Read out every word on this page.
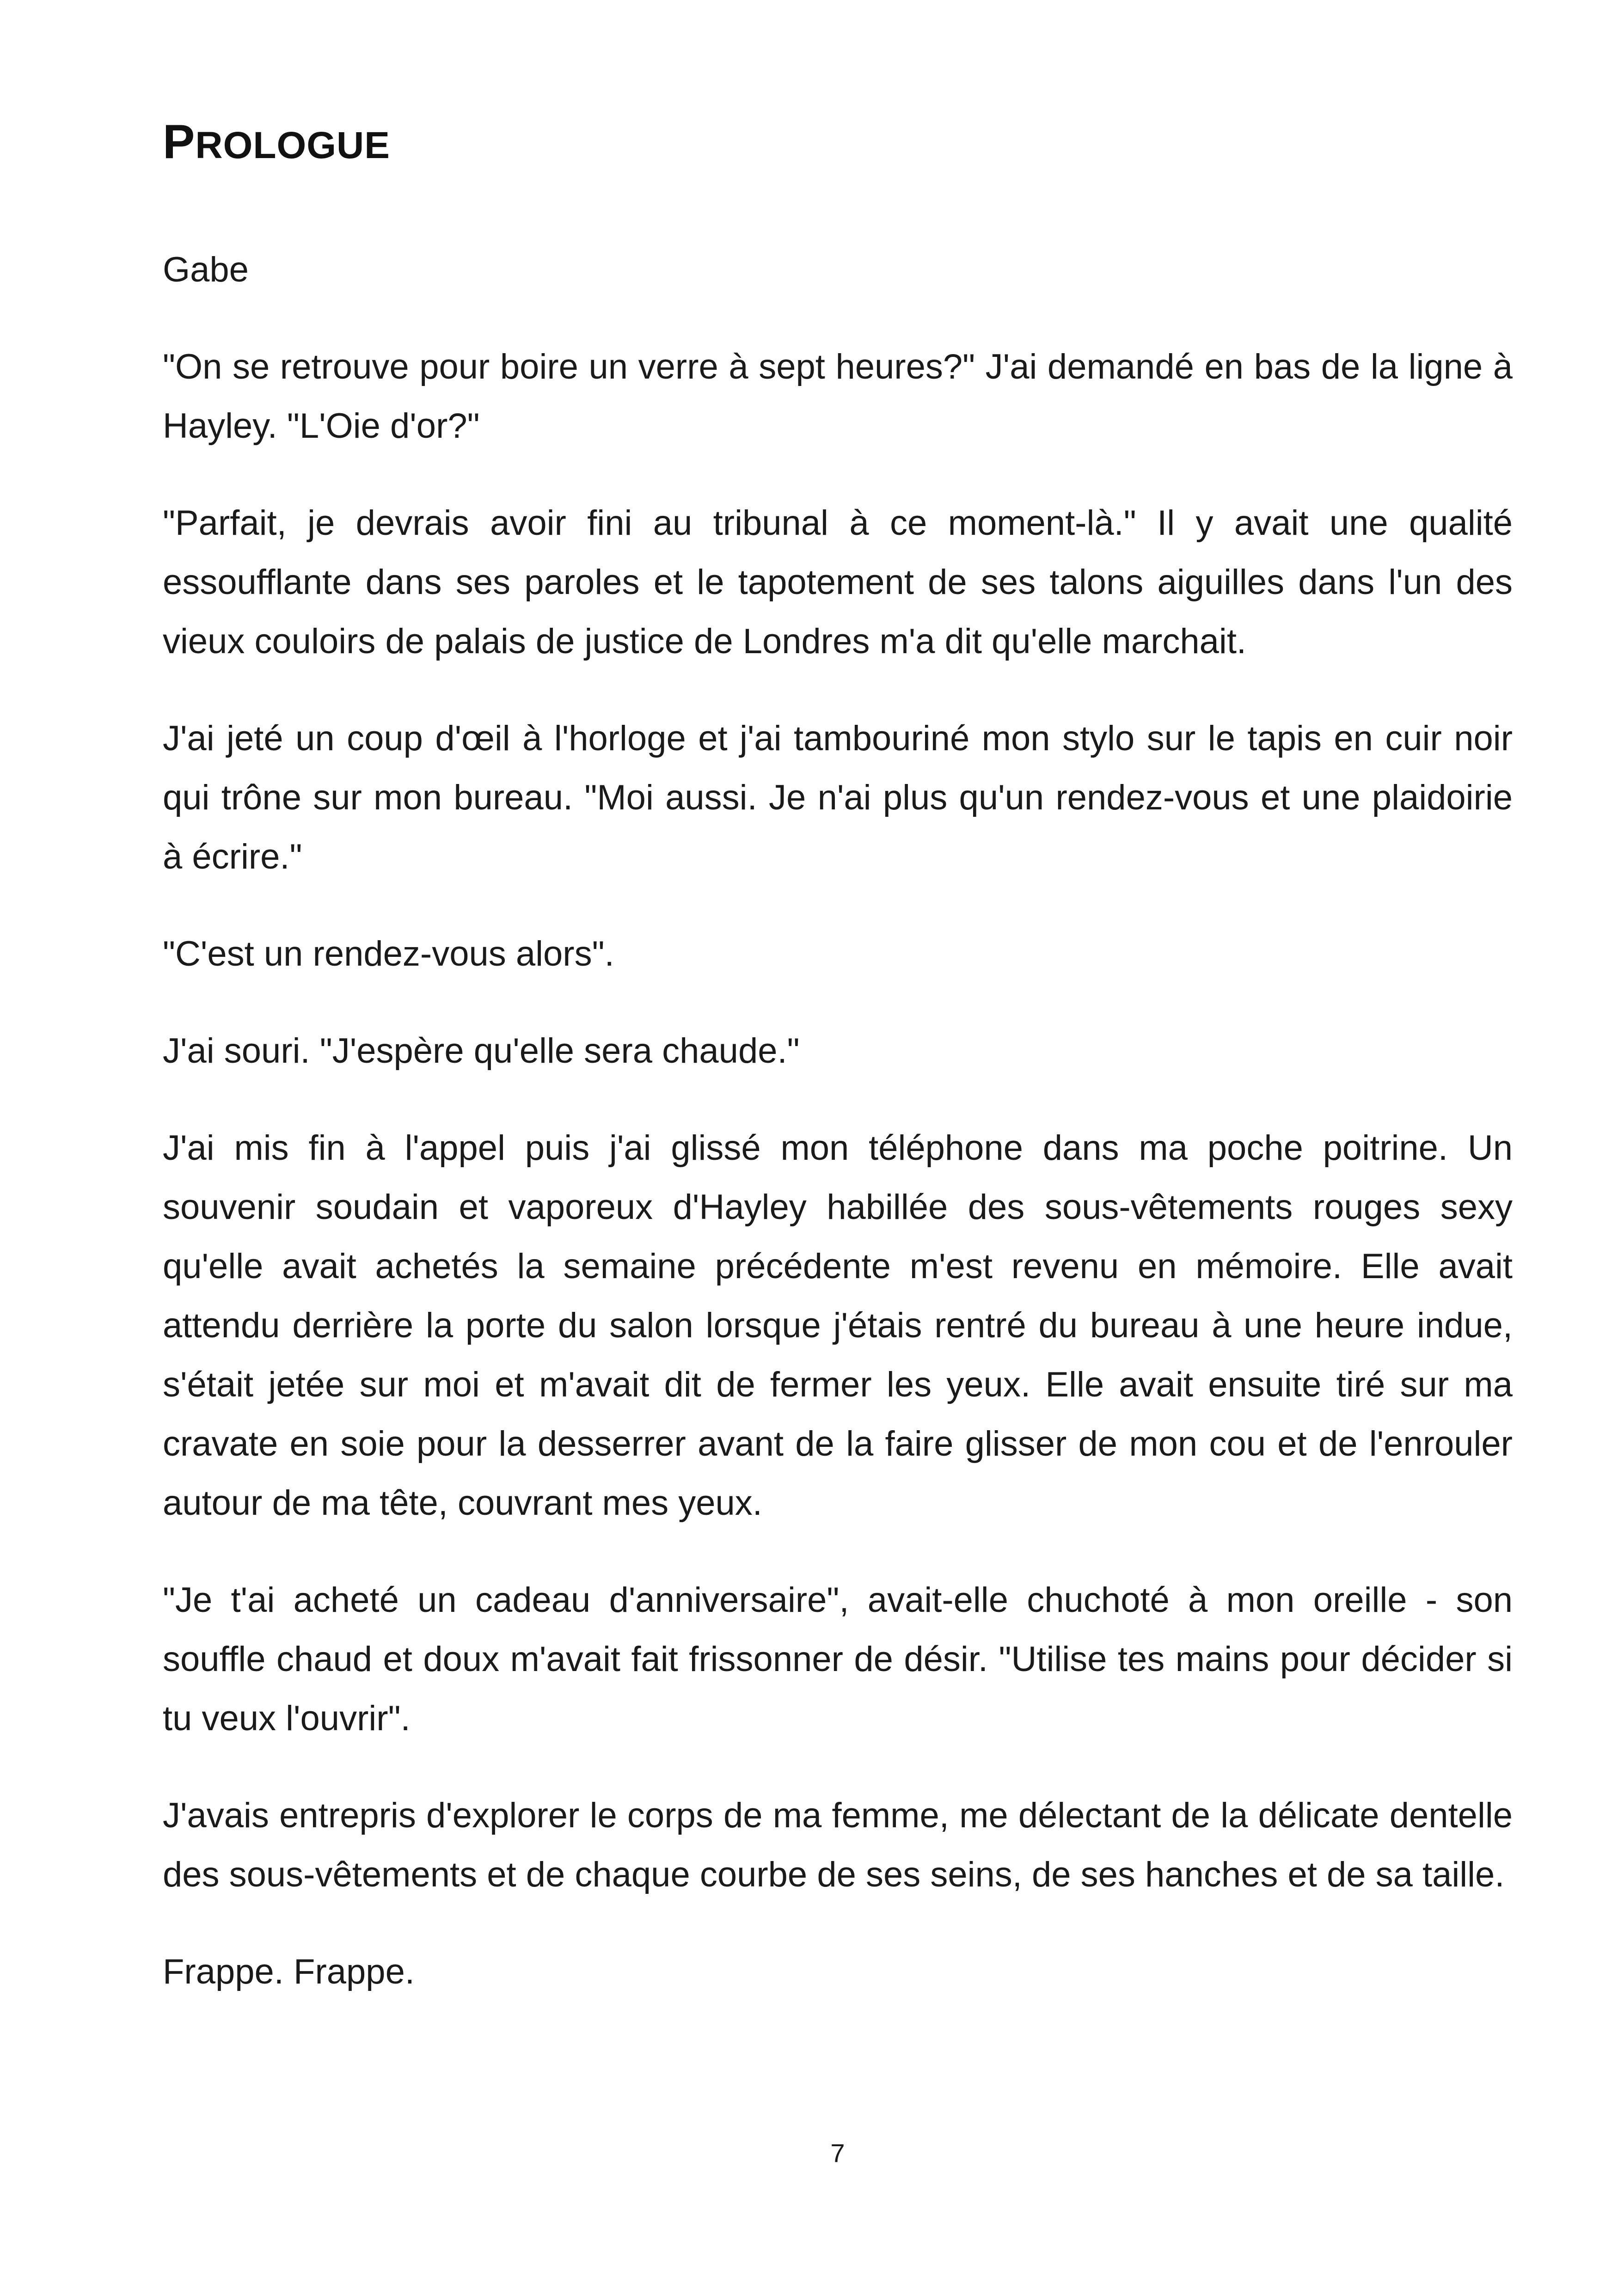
PROLOGUE

Gabe

"On se retrouve pour boire un verre à sept heures?" J'ai demandé en bas de la ligne à Hayley. "L'Oie d'or?"

"Parfait, je devrais avoir fini au tribunal à ce moment-là." Il y avait une qualité essoufflante dans ses paroles et le tapotement de ses talons aiguilles dans l'un des vieux couloirs de palais de justice de Londres m'a dit qu'elle marchait.

J'ai jeté un coup d'œil à l'horloge et j'ai tambouriné mon stylo sur le tapis en cuir noir qui trône sur mon bureau. "Moi aussi. Je n'ai plus qu'un rendez-vous et une plaidoirie à écrire."

"C'est un rendez-vous alors".

J'ai souri. "J'espère qu'elle sera chaude."

J'ai mis fin à l'appel puis j'ai glissé mon téléphone dans ma poche poitrine. Un souvenir soudain et vaporeux d'Hayley habillée des sous-vêtements rouges sexy qu'elle avait achetés la semaine précédente m'est revenu en mémoire. Elle avait attendu derrière la porte du salon lorsque j'étais rentré du bureau à une heure indue, s'était jetée sur moi et m'avait dit de fermer les yeux. Elle avait ensuite tiré sur ma cravate en soie pour la desserrer avant de la faire glisser de mon cou et de l'enrouler autour de ma tête, couvrant mes yeux.

"Je t'ai acheté un cadeau d'anniversaire", avait-elle chuchoté à mon oreille - son souffle chaud et doux m'avait fait frissonner de désir. "Utilise tes mains pour décider si tu veux l'ouvrir".

J'avais entrepris d'explorer le corps de ma femme, me délectant de la délicate dentelle des sous-vêtements et de chaque courbe de ses seins, de ses hanches et de sa taille.

Frappe. Frappe.

7
